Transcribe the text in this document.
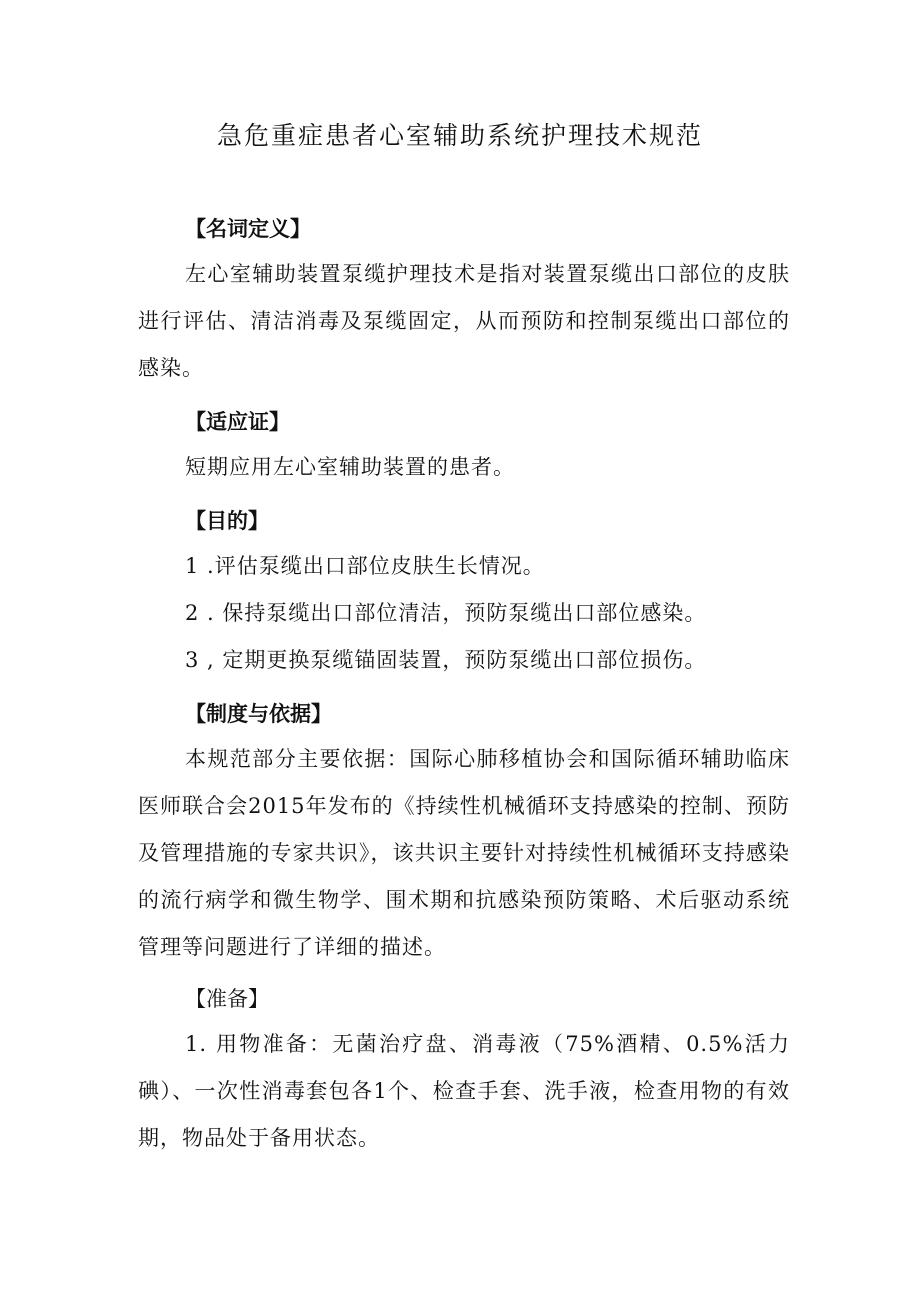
急危重症患者心室辅助系统护理技术规范
【名词定义】

左心室辅助装置泵缆护理技术是指对装置泵缆出口部位的皮肤进行评估、清洁消毒及泵缆固定，从而预防和控制泵缆出口部位的感染。

【适应证】

短期应用左心室辅助装置的患者。

【目的】
1 .评估泵缆出口部位皮肤生长情况。
2 . 保持泵缆出口部位清洁，预防泵缆出口部位感染。
3 , 定期更换泵缆锚固装置，预防泵缆出口部位损伤。
【制度与依据】

本规范部分主要依据：国际心肺移植协会和国际循环辅助临床医师联合会2015年发布的《持续性机械循环支持感染的控制、预防及管理措施的专家共识》，该共识主要针对持续性机械循环支持感染的流行病学和微生物学、围术期和抗感染预防策略、术后驱动系统管理等问题进行了详细的描述。

【准备】

1. 用物准备：无菌治疗盘、消毒液（75%酒精、0.5%活力碘）、一次性消毒套包各1个、检查手套、洗手液，检查用物的有效期，物品处于备用状态。
